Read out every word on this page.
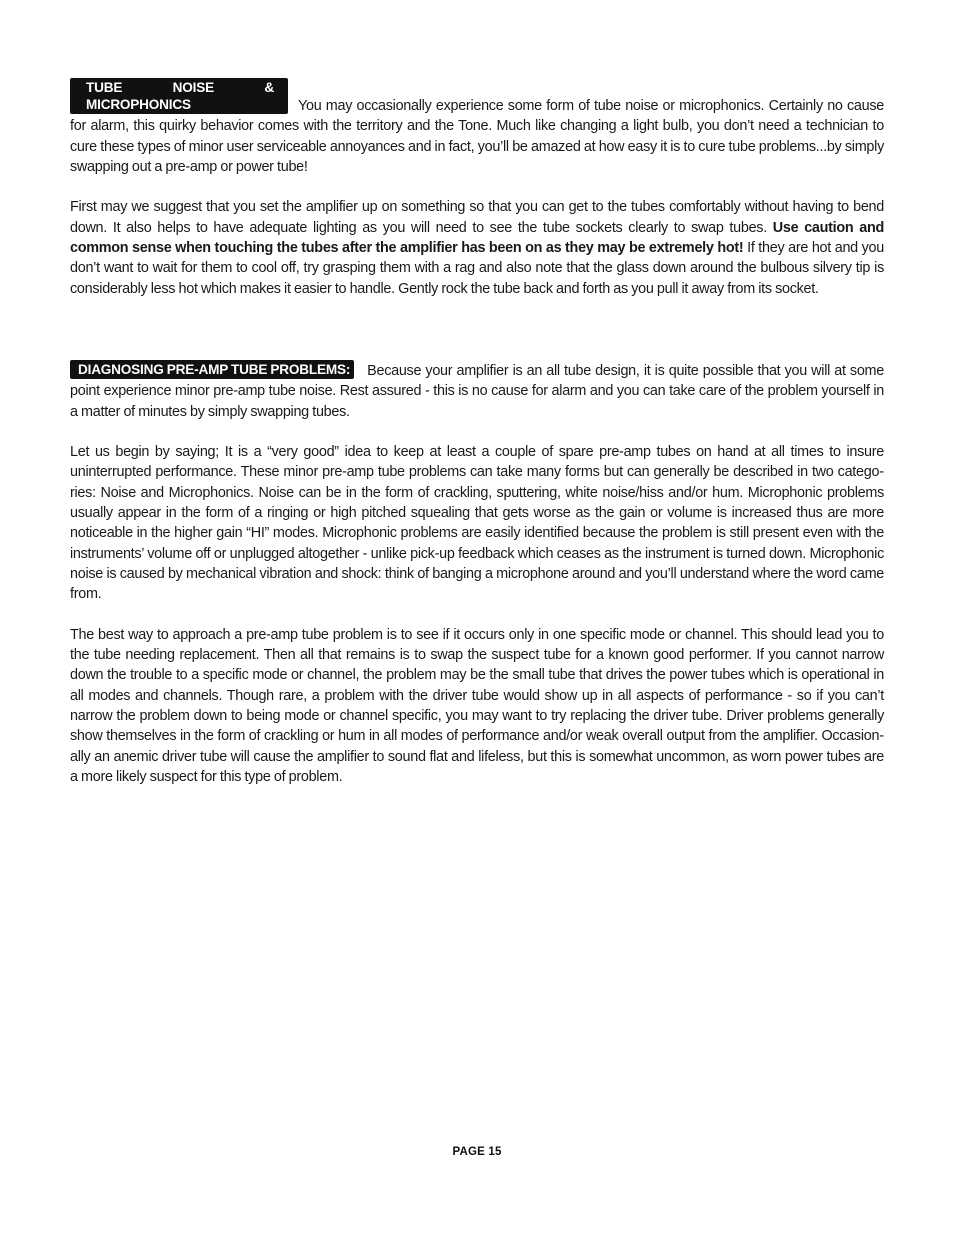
TUBE NOISE & MICROPHONICS	You may occasionally experience some form of tube noise or microphonics. Certainly no cause for alarm, this quirky behavior comes with the territory and the Tone. Much like changing a light bulb, you don’t need a technician to cure these types of minor user serviceable annoyances and in fact, you’ll be amazed at how easy it is to cure tube problems...by simply swapping out a pre-amp or power tube!

First may we suggest that you set the amplifier up on something so that you can get to the tubes comfortably without having to bend down. It also helps to have adequate lighting as you will need to see the tube sockets clearly to swap tubes. Use caution and common sense when touching the tubes after the amplifier has been on as they may be extremely hot! If they are hot and you don’t want to wait for them to cool off, try grasping them with a rag and also note that the glass down around the bulbous silvery tip is considerably less hot which makes it easier to handle. Gently rock the tube back and forth as you pull it away from its socket.

DIAGNOSING PRE-AMP TUBE PROBLEMS: Because your amplifier is an all tube design, it is quite possible that you will at some point experience minor pre-amp tube noise. Rest assured - this is no cause for alarm and you can take care of the problem yourself in a matter of minutes by simply swapping tubes.

Let us begin by saying; It is a “very good” idea to keep at least a couple of spare pre-amp tubes on hand at all times to insure uninterrupted performance. These minor pre-amp tube problems can take many forms but can generally be described in two categories: Noise and Microphonics. Noise can be in the form of crackling, sputtering, white noise/hiss and/or hum. Microphonic problems usually appear in the form of a ringing or high pitched squealing that gets worse as the gain or volume is increased thus are more noticeable in the higher gain “HI” modes. Microphonic problems are easily identified because the problem is still present even with the instruments’ volume off or unplugged altogether - unlike pick-up feedback which ceases as the instrument is turned down. Microphonic noise is caused by mechanical vibration and shock: think of banging a microphone around and you’ll understand where the word came from.

The best way to approach a pre-amp tube problem is to see if it occurs only in one specific mode or channel. This should lead you to the tube needing replacement. Then all that remains is to swap the suspect tube for a known good performer. If you cannot narrow down the trouble to a specific mode or channel, the problem may be the small tube that drives the power tubes which is operational in all modes and channels. Though rare, a problem with the driver tube would show up in all aspects of performance - so if you can’t narrow the problem down to being mode or channel specific, you may want to try replacing the driver tube. Driver problems generally show themselves in the form of crackling or hum in all modes of performance and/or weak overall output from the amplifier. Occasionally an anemic driver tube will cause the amplifier to sound flat and lifeless, but this is somewhat uncommon, as worn power tubes are a more likely suspect for this type of problem.

PAGE 15
